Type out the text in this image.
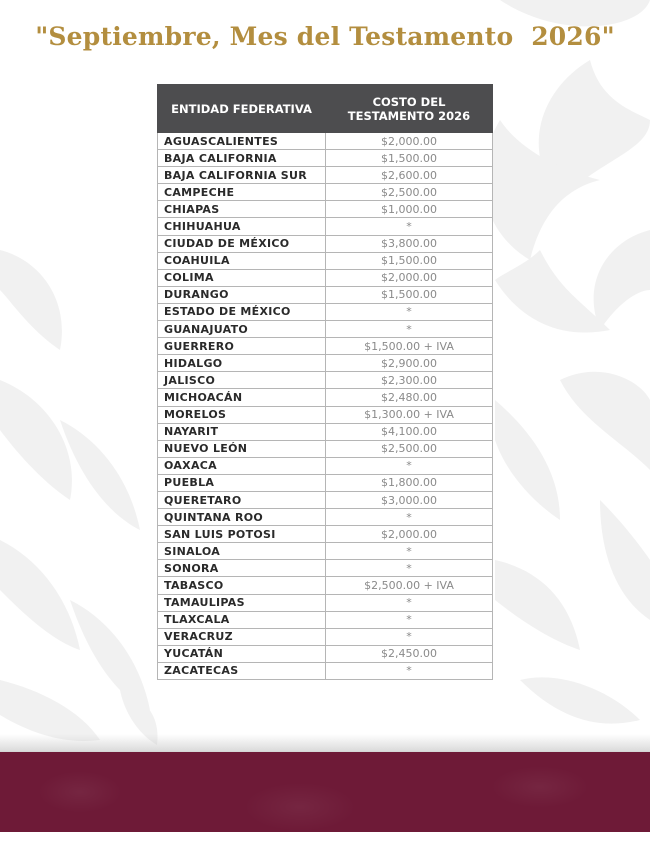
"Septiembre, Mes del Testamento  2026"
ENTIDAD FEDERATIVA	COSTO DEL
TESTAMENTO 2026

AGUASCALIENTES	$2,000.00
BAJA CALIFORNIA	$1,500.00
BAJA CALIFORNIA SUR	$2,600.00
CAMPECHE	$2,500.00
CHIAPAS	$1,000.00
CHIHUAHUA	*
CIUDAD DE MÉXICO	$3,800.00
COAHUILA	$1,500.00
COLIMA	$2,000.00
DURANGO	$1,500.00
ESTADO DE MÉXICO	*
GUANAJUATO	*
GUERRERO	$1,500.00 + IVA
HIDALGO	$2,900.00
JALISCO	$2,300.00
MICHOACÁN	$2,480.00
MORELOS	$1,300.00 + IVA
NAYARIT	$4,100.00
NUEVO LEÓN	$2,500.00
OAXACA	*
PUEBLA	$1,800.00
QUERETARO	$3,000.00
QUINTANA ROO	*
SAN LUIS POTOSI	$2,000.00
SINALOA	*
SONORA	*
TABASCO	$2,500.00 + IVA
TAMAULIPAS	*
TLAXCALA	*
VERACRUZ	*
YUCATÁN	$2,450.00
ZACATECAS	*
